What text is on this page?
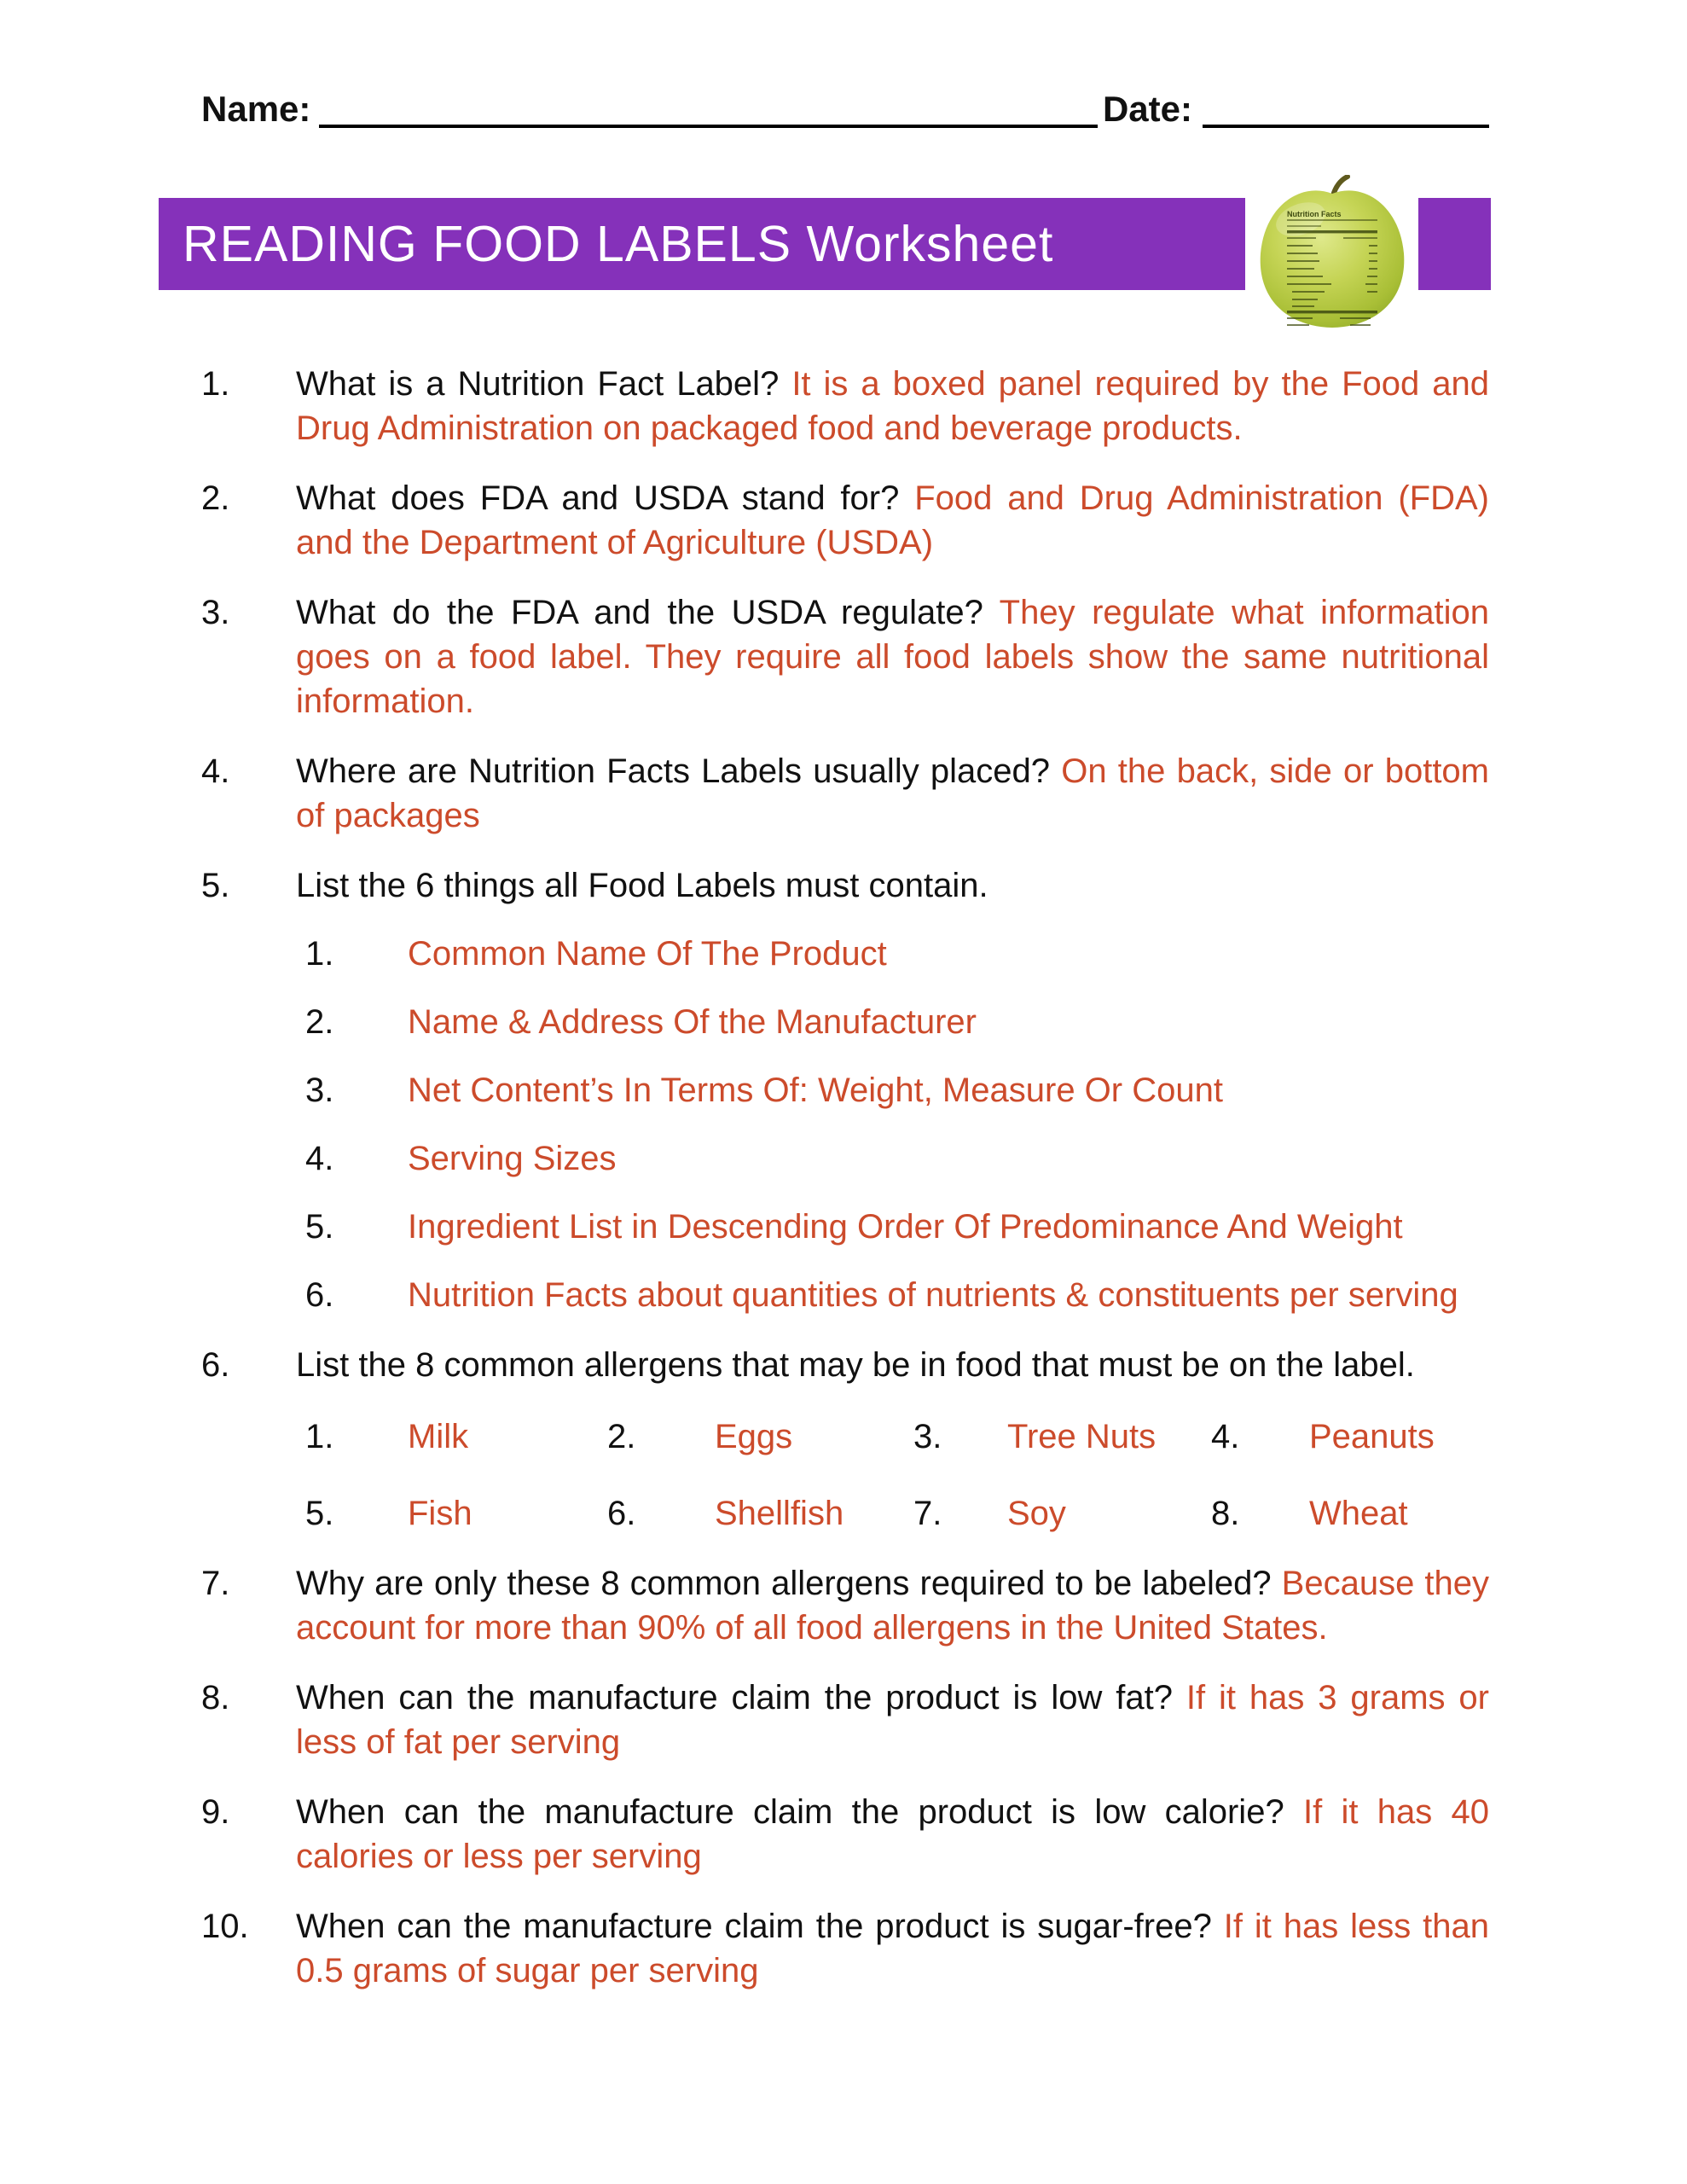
Name:	Date:
READING FOOD LABELS Worksheet
Nutrition Facts
1.	What is a Nutrition Fact Label? It is a boxed panel required by the Food and Drug Administration on packaged food and beverage products.
2.	What does FDA and USDA stand for? Food and Drug Administration (FDA) and the Department of Agriculture (USDA)
3.	What do the FDA and the USDA regulate? They regulate what information goes on a food label. They require all food labels show the same nutritional information.
4.	Where are Nutrition Facts Labels usually placed? On the back, side or bottom of packages
5.	List the 6 things all Food Labels must contain.
1.	Common Name Of The Product
2.	Name & Address Of the Manufacturer
3.	Net Content’s In Terms Of: Weight, Measure Or Count
4.	Serving Sizes
5.	Ingredient List in Descending Order Of Predominance And Weight
6.	Nutrition Facts about quantities of nutrients & constituents per serving
6.	List the 8 common allergens that may be in food that must be on the label.
1.	Milk	2.	Eggs	3.	Tree Nuts	4.	Peanuts
5.	Fish	6.	Shellfish	7.	Soy	8.	Wheat
7.	Why are only these 8 common allergens required to be labeled? Because they account for more than 90% of all food allergens in the United States.
8.	When can the manufacture claim the product is low fat? If it has 3 grams or less of fat per serving
9.	When can the manufacture claim the product is low calorie? If it has 40 calories or less per serving
10.	When can the manufacture claim the product is sugar-free? If it has less than 0.5 grams of sugar per serving
